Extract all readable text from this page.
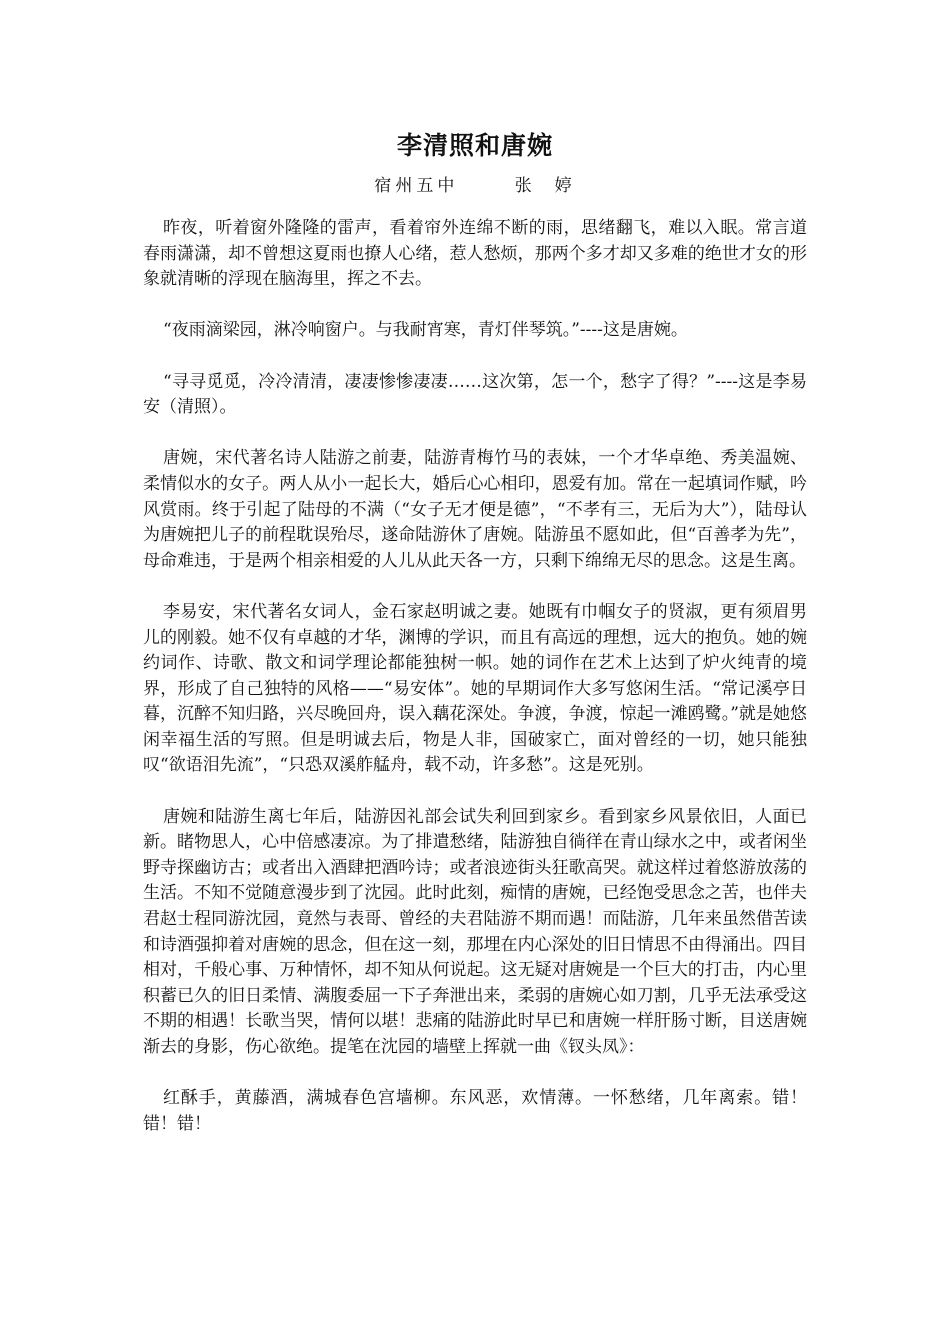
李清照和唐婉
宿州五中      张  婷

昨夜，听着窗外隆隆的雷声，看着帘外连绵不断的雨，思绪翻飞，难以入眠。常言道春雨潇潇，却不曾想这夏雨也撩人心绪，惹人愁烦，那两个多才却又多难的绝世才女的形象就清晰的浮现在脑海里，挥之不去。

“夜雨滴梁园，淋冷响窗户。与我耐宵寒，青灯伴琴筑。”----这是唐婉。

“寻寻觅觅，冷冷清清，凄凄惨惨凄凄……这次第，怎一个，愁字了得？”----这是李易安（清照）。

唐婉，宋代著名诗人陆游之前妻，陆游青梅竹马的表妹，一个才华卓绝、秀美温婉、柔情似水的女子。两人从小一起长大，婚后心心相印，恩爱有加。常在一起填词作赋，吟风赏雨。终于引起了陆母的不满（“女子无才便是德”，“不孝有三，无后为大”），陆母认为唐婉把儿子的前程耽误殆尽，遂命陆游休了唐婉。陆游虽不愿如此，但“百善孝为先”，母命难违，于是两个相亲相爱的人儿从此天各一方，只剩下绵绵无尽的思念。这是生离。

李易安，宋代著名女词人，金石家赵明诚之妻。她既有巾帼女子的贤淑，更有须眉男儿的刚毅。她不仅有卓越的才华，渊博的学识，而且有高远的理想，远大的抱负。她的婉约词作、诗歌、散文和词学理论都能独树一帜。她的词作在艺术上达到了炉火纯青的境界，形成了自己独特的风格——“易安体”。她的早期词作大多写悠闲生活。“常记溪亭日暮，沉醉不知归路，兴尽晚回舟，误入藕花深处。争渡，争渡，惊起一滩鸥鹭。”就是她悠闲幸福生活的写照。但是明诚去后，物是人非，国破家亡，面对曾经的一切，她只能独叹“欲语泪先流”，“只恐双溪舴艋舟，载不动，许多愁”。这是死别。

唐婉和陆游生离七年后，陆游因礼部会试失利回到家乡。看到家乡风景依旧，人面已新。睹物思人，心中倍感凄凉。为了排遣愁绪，陆游独自徜徉在青山绿水之中，或者闲坐野寺探幽访古；或者出入酒肆把酒吟诗；或者浪迹街头狂歌高哭。就这样过着悠游放荡的生活。不知不觉随意漫步到了沈园。此时此刻，痴情的唐婉，已经饱受思念之苦，也伴夫君赵士程同游沈园，竟然与表哥、曾经的夫君陆游不期而遇！而陆游，几年来虽然借苦读和诗酒强抑着对唐婉的思念，但在这一刻，那埋在内心深处的旧日情思不由得涌出。四目相对，千般心事、万种情怀，却不知从何说起。这无疑对唐婉是一个巨大的打击，内心里积蓄已久的旧日柔情、满腹委屈一下子奔泄出来，柔弱的唐婉心如刀割，几乎无法承受这不期的相遇！长歌当哭，情何以堪！悲痛的陆游此时早已和唐婉一样肝肠寸断，目送唐婉渐去的身影，伤心欲绝。提笔在沈园的墙壁上挥就一曲《钗头凤》：

红酥手，黄藤酒，满城春色宫墙柳。东风恶，欢情薄。一怀愁绪，几年离索。错！错！错！
